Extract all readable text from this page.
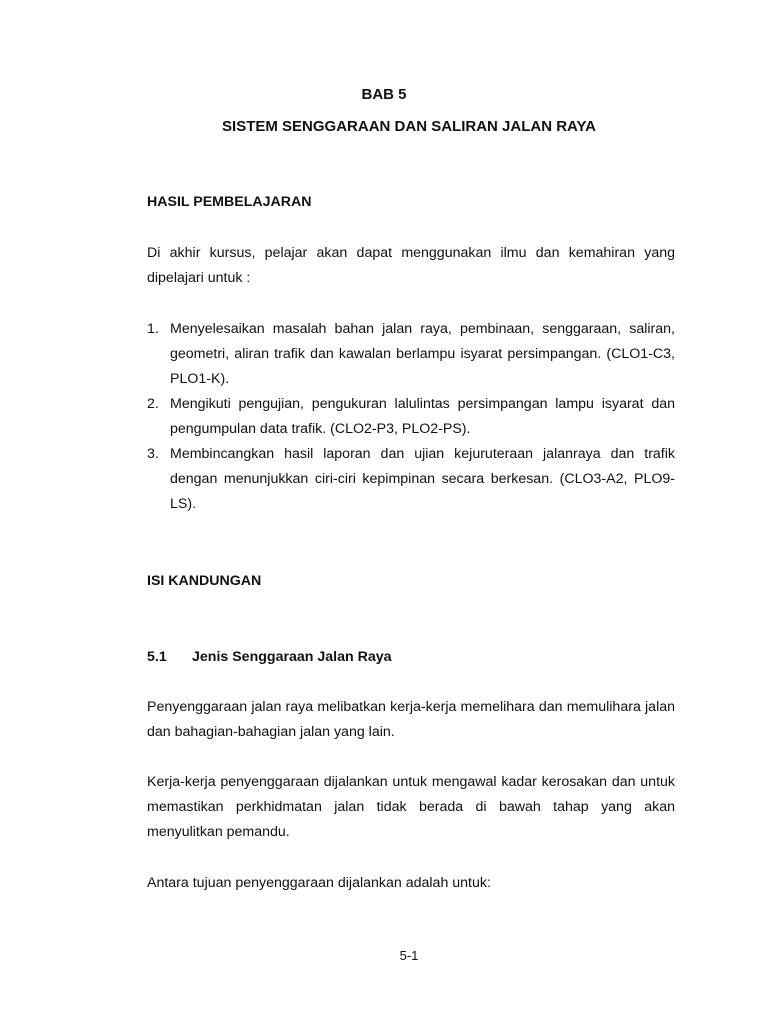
BAB 5
SISTEM SENGGARAAN DAN SALIRAN JALAN RAYA
HASIL PEMBELAJARAN
Di akhir kursus, pelajar akan dapat menggunakan ilmu dan kemahiran yang dipelajari untuk :
1. Menyelesaikan masalah bahan jalan raya, pembinaan, senggaraan, saliran, geometri, aliran trafik dan kawalan berlampu isyarat persimpangan. (CLO1-C3, PLO1-K).
2. Mengikuti pengujian, pengukuran lalulintas persimpangan lampu isyarat dan pengumpulan data trafik. (CLO2-P3, PLO2-PS).
3. Membincangkan hasil laporan dan ujian kejuruteraan jalanraya dan trafik dengan menunjukkan ciri-ciri kepimpinan secara berkesan. (CLO3-A2, PLO9-LS).
ISI KANDUNGAN
5.1 Jenis Senggaraan Jalan Raya
Penyenggaraan jalan raya melibatkan kerja-kerja memelihara dan memulihara jalan dan bahagian-bahagian jalan yang lain.
Kerja-kerja penyenggaraan dijalankan untuk mengawal kadar kerosakan dan untuk memastikan perkhidmatan jalan tidak berada di bawah tahap yang akan menyulitkan pemandu.
Antara tujuan penyenggaraan dijalankan adalah untuk:
5-1
